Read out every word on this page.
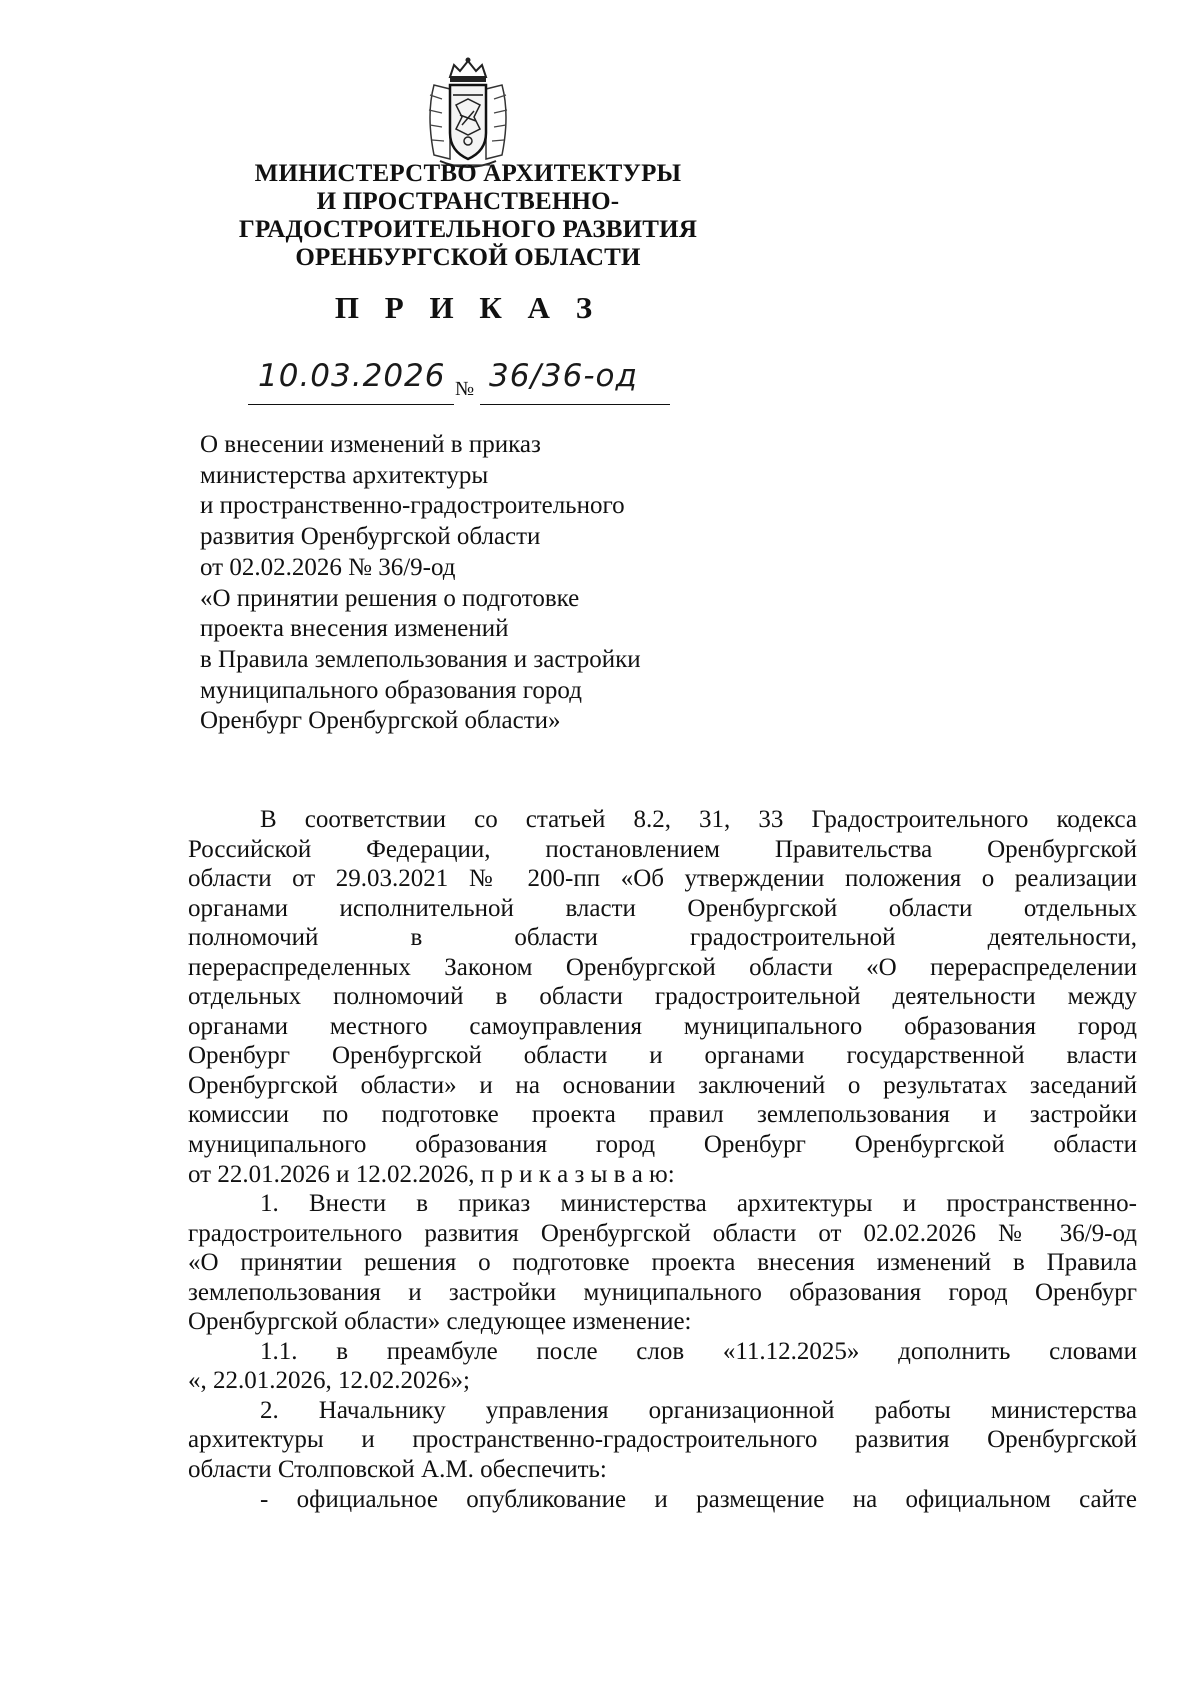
МИНИСТЕРСТВО АРХИТЕКТУРЫ
И ПРОСТРАНСТВЕННО-
ГРАДОСТРОИТЕЛЬНОГО РАЗВИТИЯ
ОРЕНБУРГСКОЙ ОБЛАСТИ
П Р И К А З
10.03.2026 № 36/36-од
О внесении изменений в приказ
министерства архитектуры
и пространственно-градостроительного
развития Оренбургской области
от 02.02.2026 № 36/9-од
«О принятии решения о подготовке
проекта внесения изменений
в Правила землепользования и застройки
муниципального образования город
Оренбург Оренбургской области»
В соответствии со статьей 8.2, 31, 33 Градостроительного кодекса
Российской Федерации, постановлением Правительства Оренбургской
области от 29.03.2021 № 200-пп «Об утверждении положения о реализации
органами исполнительной власти Оренбургской области отдельных
полномочий в области градостроительной деятельности,
перераспределенных Законом Оренбургской области «О перераспределении
отдельных полномочий в области градостроительной деятельности между
органами местного самоуправления муниципального образования город
Оренбург Оренбургской области и органами государственной власти
Оренбургской области» и на основании заключений о результатах заседаний
комиссии по подготовке проекта правил землепользования и застройки
муниципального образования город Оренбург Оренбургской области
от 22.01.2026 и 12.02.2026, п р и к а з ы в а ю:
1. Внести в приказ министерства архитектуры и пространственно-
градостроительного развития Оренбургской области от 02.02.2026 № 36/9-од
«О принятии решения о подготовке проекта внесения изменений в Правила
землепользования и застройки муниципального образования город Оренбург
Оренбургской области» следующее изменение:
1.1. в преамбуле после слов «11.12.2025» дополнить словами
«, 22.01.2026, 12.02.2026»;
2. Начальнику управления организационной работы министерства
архитектуры и пространственно-градостроительного развития Оренбургской
области Столповской А.М. обеспечить:
- официальное опубликование и размещение на официальном сайте
